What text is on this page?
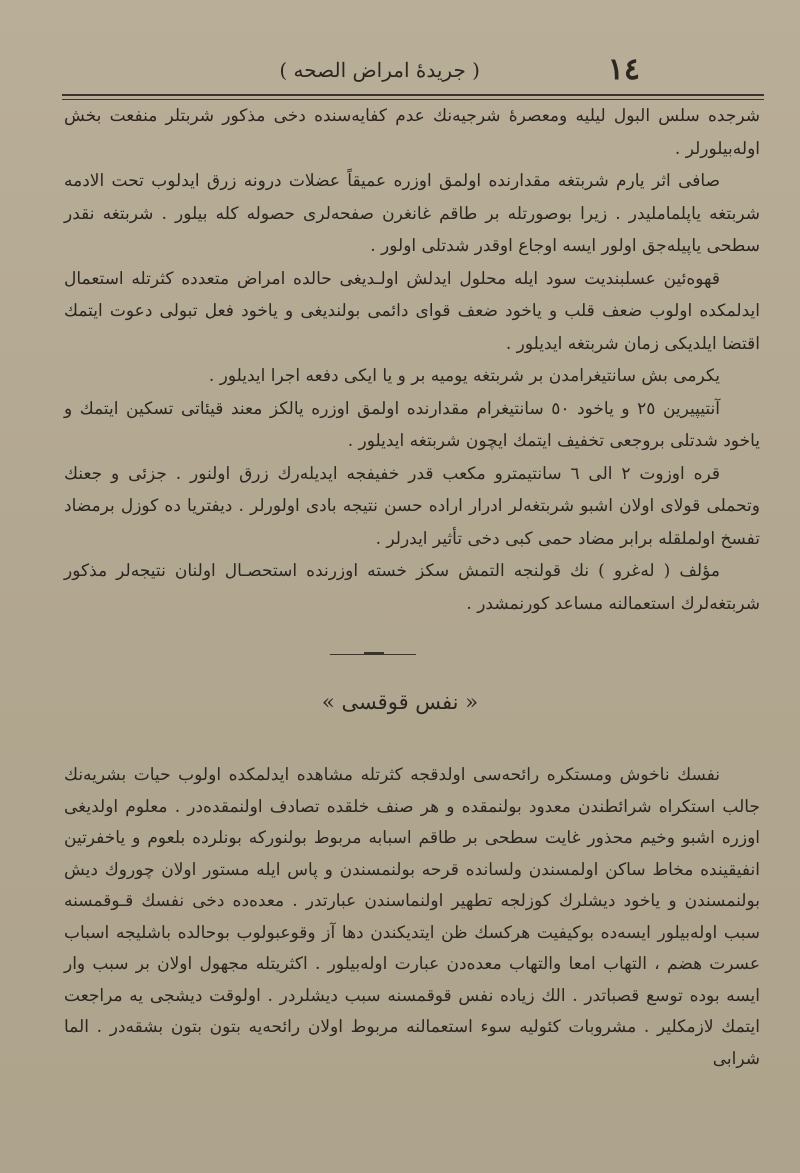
١٤
( جريدهٔ امراض الصحه )

شرجده سلس البول ليليه ومعصرهٔ شرجيه‌نك عدم كفايه‌سنده دخی مذكور شربتلر منفعت بخش اوله‌بيلورلر .

صافی اثر يارم شربتغه مقدارنده اولمق اوزره عميقاً عضلات درونه زرق ايدلوب تحت الادمه شربتغه ياپلماملیدر . زيرا بوصورتله بر طاقم غانغرن صفحه‌لری حصوله كله بيلور . شربتغه نقدر سطحی ياپيله‌جق اولور ايسه اوجاع اوقدر شدتلی اولور .

قهوه‌ئين عسلبنديت سود ايله محلول ايدلش اولـديغی حالده امراض متعدده كثرتله استعمال ايدلمكده اولوب ضعف قلب و ياخود ضعف قوای دائمی بولنديغی و ياخود فعل تبولی دعوت ايتمك اقتضا ايلديكی زمان شربتغه ايدیلور .

يكرمی بش سانتيغرامدن بر شربتغه يوميه بر و يا ايكی دفعه اجرا ايديلور .

آنتيپيرين ٢٥ و ياخود ٥٠ سانتيغرام مقدارنده اولمق اوزره يالكز معند قيئاتی تسكين ايتمك و ياخود شدتلی بروجعی تخفيف ايتمك ايچون شربتغه ايديلور .

قره اوزوت ٢ الی ٦ سانتيمترو مكعب قدر خفيفجه ايديله‌رك زرق اولنور . جزئی و جعنك وتحملی قولای اولان اشبو شربتغه‌لر ادرار اراده حسن نتيجه بادی اولورلر . ديفتريا ده كوزل برمضاد تفسخ اولملقله برابر مضاد حمی كبی دخی تأثير ايدرلر .

مؤلف ( له‌غرو ) نك قولنجه التمش سكز خسته اوزرنده استحصـال اولنان نتيجه‌لر مذكور شربتغه‌لرك استعمالنه مساعد كورنمشدر .

« نفس قوقسی »

نفسك ناخوش ومستكره رائحه‌سی اولدقجه كثرتله مشاهده ايدلمكده اولوب حيات بشريه‌نك جالب استكراه شرائطندن معدود بولنمقده و هر صنف خلقده تصادف اولنمقده‌در . معلوم اولديغی اوزره اشبو وخيم محذور غايت سطحی بر طاقم اسبابه مربوط بولنوركه بونلرده بلعوم و ياخفرتين انفيقينده مخاط ساكن اولمسندن ولسانده قرحه بولنمسندن و پاس ايله مستور اولان چوروك ديش بولنمسندن و ياخود ديشلرك كوزلجه تطهير اولنماسندن عبارتدر . معده‌ده دخی نفسك قـوقمسنه سبب اوله‌بيلور ايسه‌ده بوكيفيت هركسك ظن ايتديكندن دها آز وقوعبولوب بوحالده باشليجه اسباب عسرت هضم ، التهاب امعا والتهاب معده‌دن عبارت اوله‌بيلور . اكثريتله مجهول اولان بر سبب وار ايسه بوده توسع قصباتدر . الك زياده نفس قوقمسنه سبب ديشلردر . اولوقت ديشجی يه مراجعت ايتمك لازمكلير . مشروبات كئوليه سوء استعمالنه مربوط اولان رائحه‌يه بتون بتون بشقه‌در . الما شرابی
